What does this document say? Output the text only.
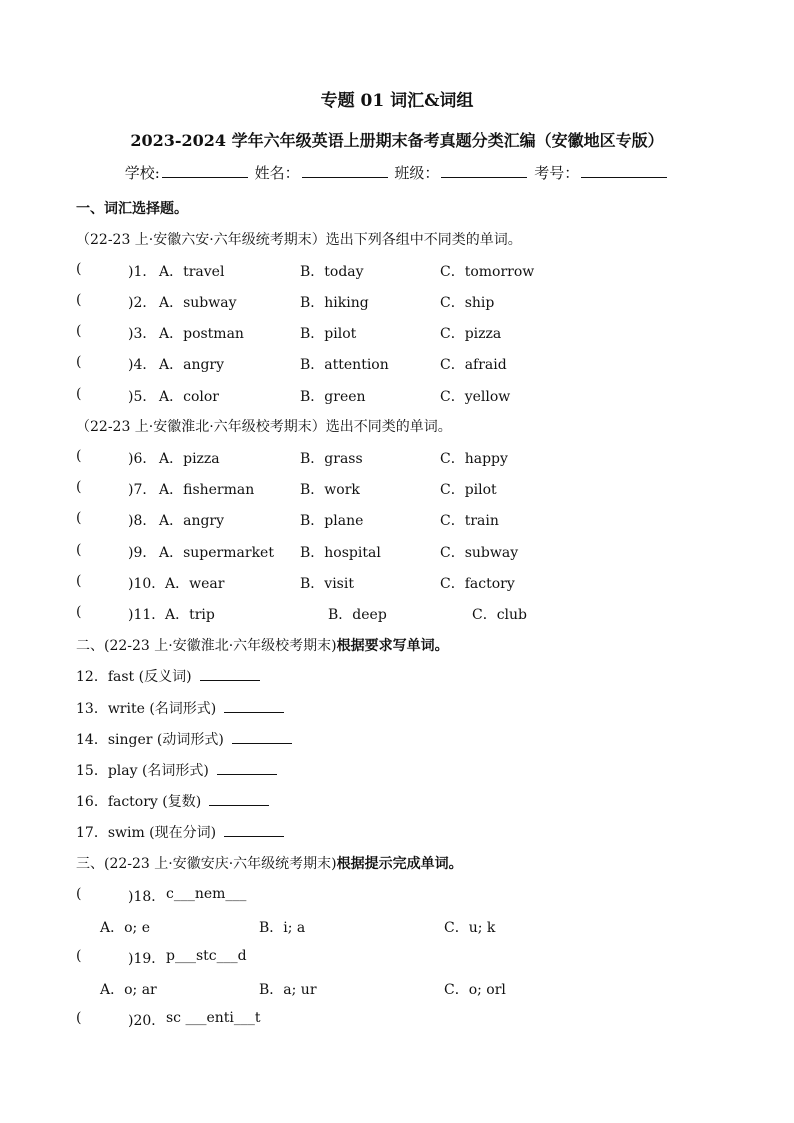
专题 01 词汇&词组
2023-2024 学年六年级英语上册期末备考真题分类汇编（安徽地区专版）
学校:	姓名：	班级：	考号：
一、词汇选择题。
（22-23 上·安徽六安·六年级统考期末）选出下列各组中不同类的单词。
(	)1． A．travel	B．today	C．tomorrow
(	)2． A．subway	B．hiking	C．ship
(	)3． A．postman	B．pilot	C．pizza
(	)4． A．angry	B．attention	C．afraid
(	)5． A．color	B．green	C．yellow
（22-23 上·安徽淮北·六年级校考期末）选出不同类的单词。
(	)6． A．pizza	B．grass	C．happy
(	)7． A．fisherman	B．work	C．pilot
(	)8． A．angry	B．plane	C．train
(	)9． A．supermarket B．hospital	C．subway
(	)10． A．wear	B．visit	C．factory
(	)11． A．trip	B．deep	C．club
二、(22-23 上·安徽淮北·六年级校考期末)根据要求写单词。
12．fast (反义词)
13．write (名词形式)
14．singer (动词形式)
15．play (名词形式)
16．factory (复数)
17．swim (现在分词)
三、(22-23 上·安徽安庆·六年级统考期末)根据提示完成单词。
(	)18． c___nem___
A．o; e	B．i; a	C．u; k
(	)19． p___stc___d
A．o; ar	B．a; ur	C．o; orl
(	)20． sc ___enti___t
